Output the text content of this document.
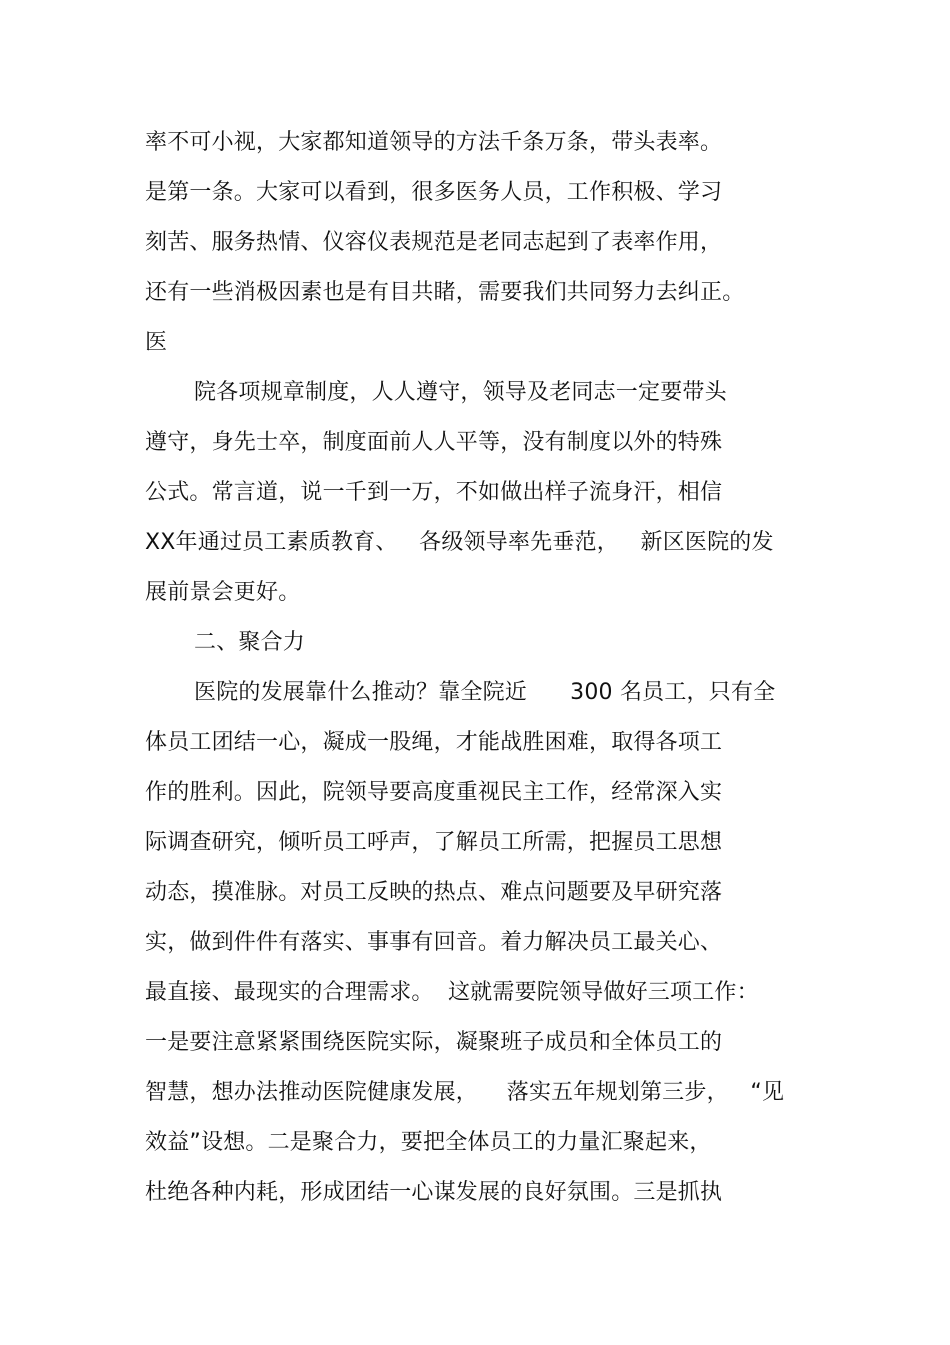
率不可小视，大家都知道领导的方法千条万条，带头表率。
是第一条。大家可以看到，很多医务人员，工作积极、学习
刻苦、服务热情、仪容仪表规范是老同志起到了表率作用，
还有一些消极因素也是有目共睹，需要我们共同努力去纠正。
医
院各项规章制度，人人遵守，领导及老同志一定要带头
遵守，身先士卒，制度面前人人平等，没有制度以外的特殊
公式。常言道，说一千到一万，不如做出样子流身汗，相信
XX年通过员工素质教育、   各级领导率先垂范，   新区医院的发
展前景会更好。
二、聚合力
医院的发展靠什么推动？靠全院近      300 名员工，只有全
体员工团结一心，凝成一股绳，才能战胜困难，取得各项工
作的胜利。因此，院领导要高度重视民主工作，经常深入实
际调查研究，倾听员工呼声，了解员工所需，把握员工思想
动态，摸准脉。对员工反映的热点、难点问题要及早研究落
实，做到件件有落实、事事有回音。着力解决员工最关心、
最直接、最现实的合理需求。  这就需要院领导做好三项工作：
一是要注意紧紧围绕医院实际，凝聚班子成员和全体员工的
智慧，想办法推动医院健康发展，    落实五年规划第三步，   “见
效益”设想。二是聚合力，要把全体员工的力量汇聚起来，
杜绝各种内耗，形成团结一心谋发展的良好氛围。三是抓执
